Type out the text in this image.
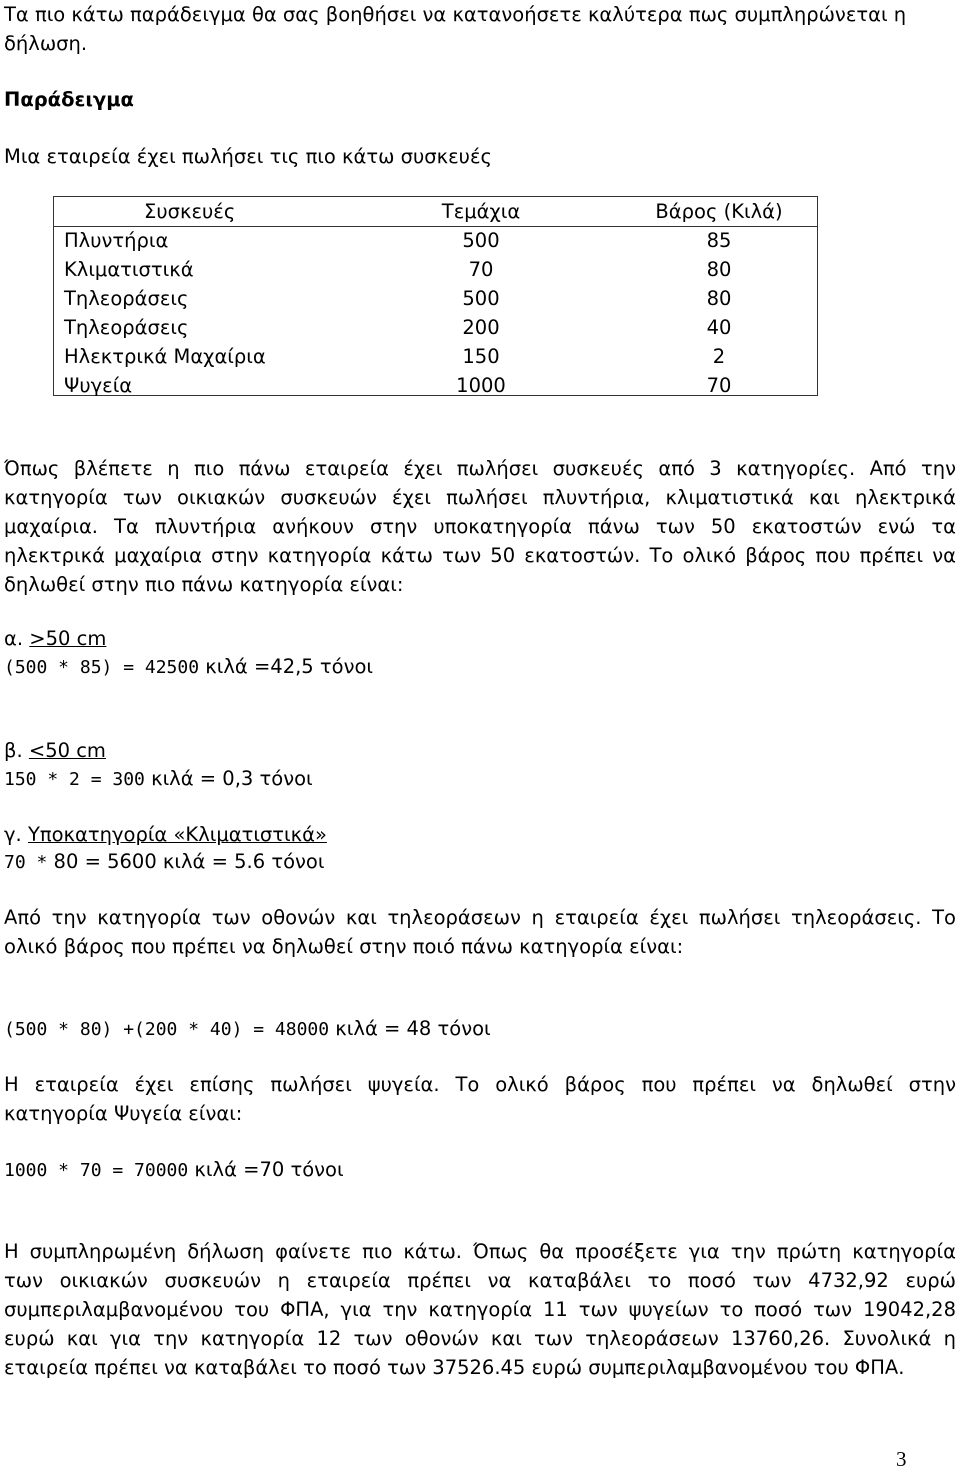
Τα πιο κάτω παράδειγμα θα σας βοηθήσει να κατανοήσετε καλύτερα πως συμπληρώνεται η
δήλωση.
Παράδειγμα
Μια εταιρεία έχει πωλήσει τις πιο κάτω συσκευές
Συσκευές	Τεμάχια	Βάρος (Κιλά)
Πλυντήρια	500	85
Κλιματιστικά	70	80
Τηλεοράσεις	500	80
Τηλεοράσεις	200	40
Ηλεκτρικά Μαχαίρια	150	2
Ψυγεία	1000	70
Όπως βλέπετε η πιο πάνω εταιρεία έχει πωλήσει συσκευές από 3 κατηγορίες. Από την
κατηγορία των οικιακών συσκευών έχει πωλήσει πλυντήρια, κλιματιστικά και ηλεκτρικά
μαχαίρια. Τα πλυντήρια ανήκουν στην υποκατηγορία πάνω των 50 εκατοστών ενώ τα
ηλεκτρικά μαχαίρια στην κατηγορία κάτω των 50 εκατοστών. Το ολικό βάρος που πρέπει να
δηλωθεί στην πιο πάνω κατηγορία είναι:
α. >50 cm
(500 * 85) = 42500 κιλά =42,5 τόνοι
β. <50 cm
150 * 2 = 300 κιλά = 0,3 τόνοι
γ. Υποκατηγορία «Κλιματιστικά»
70 * 80 = 5600 κιλά = 5.6 τόνοι
Από την κατηγορία των οθονών και τηλεοράσεων η εταιρεία έχει πωλήσει τηλεοράσεις. Το
ολικό βάρος που πρέπει να δηλωθεί στην ποιό πάνω κατηγορία είναι:
(500 * 80) +(200 * 40) = 48000 κιλά = 48 τόνοι
Η εταιρεία έχει επίσης πωλήσει ψυγεία. Το ολικό βάρος που πρέπει να δηλωθεί στην
κατηγορία Ψυγεία είναι:
1000 * 70 = 70000 κιλά =70 τόνοι
Η συμπληρωμένη δήλωση φαίνετε πιο κάτω. Όπως θα προσέξετε για την πρώτη κατηγορία
των οικιακών συσκευών η εταιρεία πρέπει να καταβάλει το ποσό των 4732,92 ευρώ
συμπεριλαμβανομένου του ΦΠΑ, για την κατηγορία 11 των ψυγείων το ποσό των 19042,28
ευρώ και για την κατηγορία 12 των οθονών και των τηλεοράσεων 13760,26. Συνολικά η
εταιρεία πρέπει να καταβάλει το ποσό των 37526.45 ευρώ συμπεριλαμβανομένου του ΦΠΑ.
3
